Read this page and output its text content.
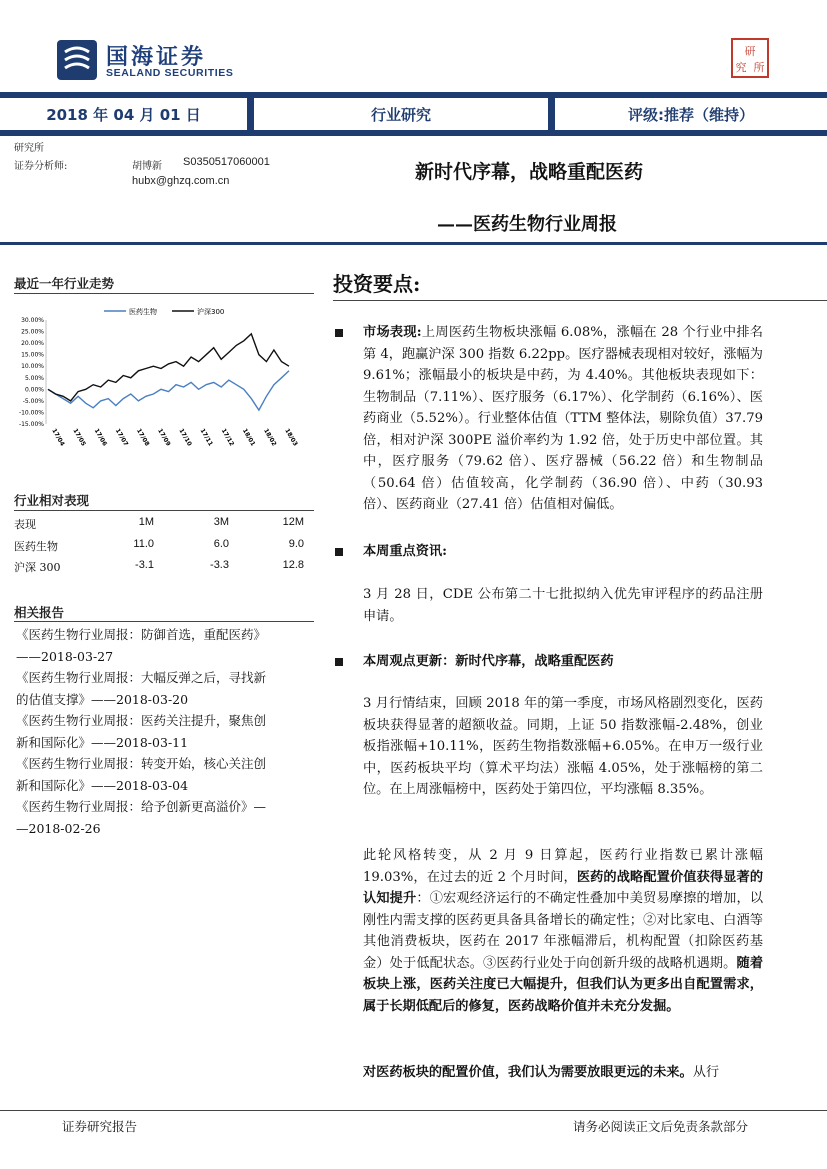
国海证券
SEALAND SECURITIES
研
究 所
2018 年 04 月 01 日	行业研究	评级:推荐（维持）
研究所
证券分析师:	胡博新 S0350517060001
hubx@ghzq.com.cn	新时代序幕，战略重配医药
——医药生物行业周报
最近一年行业走势
医药生物	沪深300
30.00%
25.00%
20.00%
15.00%
10.00%
5.00%
0.00%
-5.00%
-10.00%
-15.00%
17/04 17/05 17/06 17/07 17/08 17/09 17/10 17/11 17/12 18/01 18/02 18/03
行业相对表现
表现	1M	3M	12M
医药生物	11.0	6.0	9.0
沪深 300	-3.1	-3.3	12.8
相关报告

《医药生物行业周报：防御首选，重配医药》

——2018-03-27

《医药生物行业周报：大幅反弹之后，寻找新

的估值支撑》——2018-03-20

《医药生物行业周报：医药关注提升，聚焦创

新和国际化》——2018-03-11

《医药生物行业周报：转变开始，核心关注创

新和国际化》——2018-03-04

《医药生物行业周报：给予创新更高溢价》—

—2018-02-26

投资要点:
市场表现:上周医药生物板块涨幅 6.08%，涨幅在 28 个行业中排名第 4，跑赢沪深 300 指数 6.22pp。医疗器械表现相对较好，涨幅为 9.61%；涨幅最小的板块是中药，为 4.40%。其他板块表现如下：生物制品（7.11%）、医疗服务（6.17%）、化学制药（6.16%）、医药商业（5.52%）。行业整体估值（TTM 整体法，剔除负值）37.79 倍，相对沪深 300PE 溢价率约为 1.92 倍，处于历史中部位置。其中，医疗服务（79.62 倍）、医疗器械（56.22 倍）和生物制品（50.64 倍）估值较高，化学制药（36.90 倍）、中药（30.93 倍）、医药商业（27.41 倍）估值相对偏低。
本周重点资讯:
3 月 28 日，CDE 公布第二十七批拟纳入优先审评程序的药品注册申请。
本周观点更新：新时代序幕，战略重配医药
3 月行情结束，回顾 2018 年的第一季度，市场风格剧烈变化，医药板块获得显著的超额收益。同期，上证 50 指数涨幅-2.48%，创业板指涨幅+10.11%，医药生物指数涨幅+6.05%。在申万一级行业中，医药板块平均（算术平均法）涨幅 4.05%，处于涨幅榜的第二位。在上周涨幅榜中，医药处于第四位，平均涨幅 8.35%。
此轮风格转变，从 2 月 9 日算起，医药行业指数已累计涨幅 19.03%，在过去的近 2 个月时间，医药的战略配置价值获得显著的认知提升：①宏观经济运行的不确定性叠加中美贸易摩擦的增加，以刚性内需支撑的医药更具备具备增长的确定性；②对比家电、白酒等其他消费板块，医药在 2017 年涨幅滞后，机构配置（扣除医药基金）处于低配状态。③医药行业处于向创新升级的战略机遇期。随着板块上涨，医药关注度已大幅提升，但我们认为更多出自配置需求，属于长期低配后的修复，医药战略价值并未充分发掘。
对医药板块的配置价值，我们认为需要放眼更远的未来。从行
证券研究报告	请务必阅读正文后免责条款部分
